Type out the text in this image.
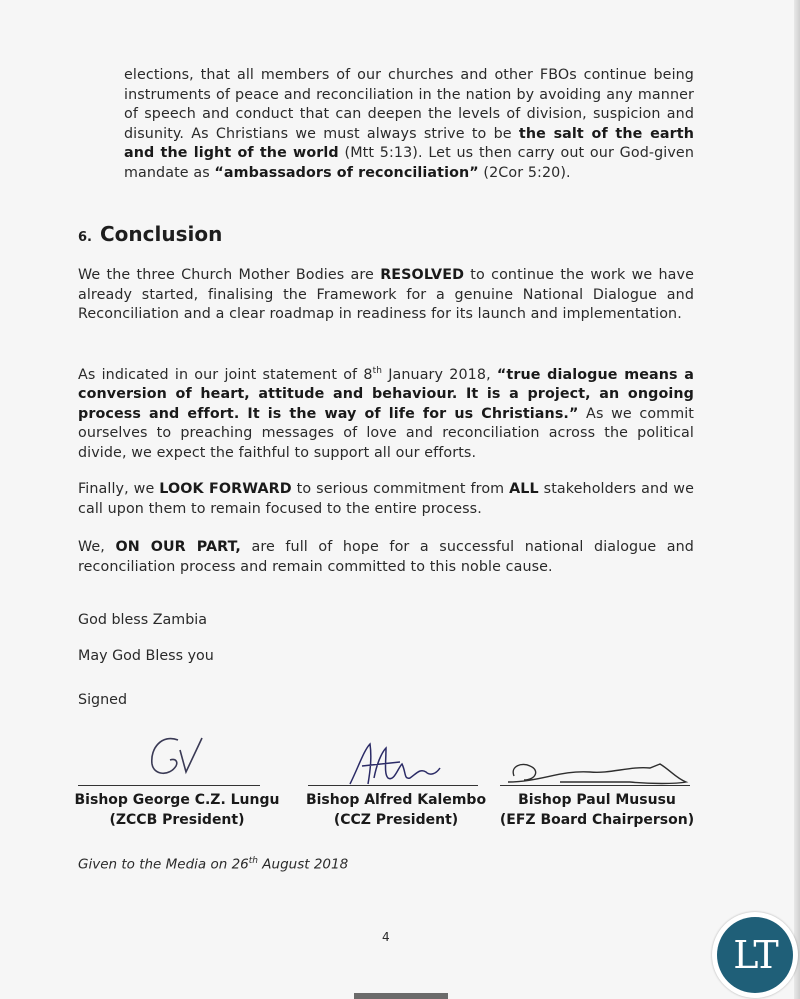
elections, that all members of our churches and other FBOs continue being instruments of peace and reconciliation in the nation by avoiding any manner of speech and conduct that can deepen the levels of division, suspicion and disunity. As Christians we must always strive to be the salt of the earth and the light of the world (Mtt 5:13). Let us then carry out our God-given mandate as “ambassadors of reconciliation” (2Cor 5:20).

6. Conclusion

We the three Church Mother Bodies are RESOLVED to continue the work we have already started, finalising the Framework for a genuine National Dialogue and Reconciliation and a clear roadmap in readiness for its launch and implementation.

As indicated in our joint statement of 8th January 2018, “true dialogue means a conversion of heart, attitude and behaviour. It is a project, an ongoing process and effort. It is the way of life for us Christians.” As we commit ourselves to preaching messages of love and reconciliation across the political divide, we expect the faithful to support all our efforts.

Finally, we LOOK FORWARD to serious commitment from ALL stakeholders and we call upon them to remain focused to the entire process.

We, ON OUR PART, are full of hope for a successful national dialogue and reconciliation process and remain committed to this noble cause.

God bless Zambia
May God Bless you
Signed
Bishop George C.Z. Lungu
(ZCCB President)
Bishop Alfred Kalembo
(CCZ President)
Bishop Paul Mususu
(EFZ Board Chairperson)
Given to the Media on 26th August 2018
4	LT
